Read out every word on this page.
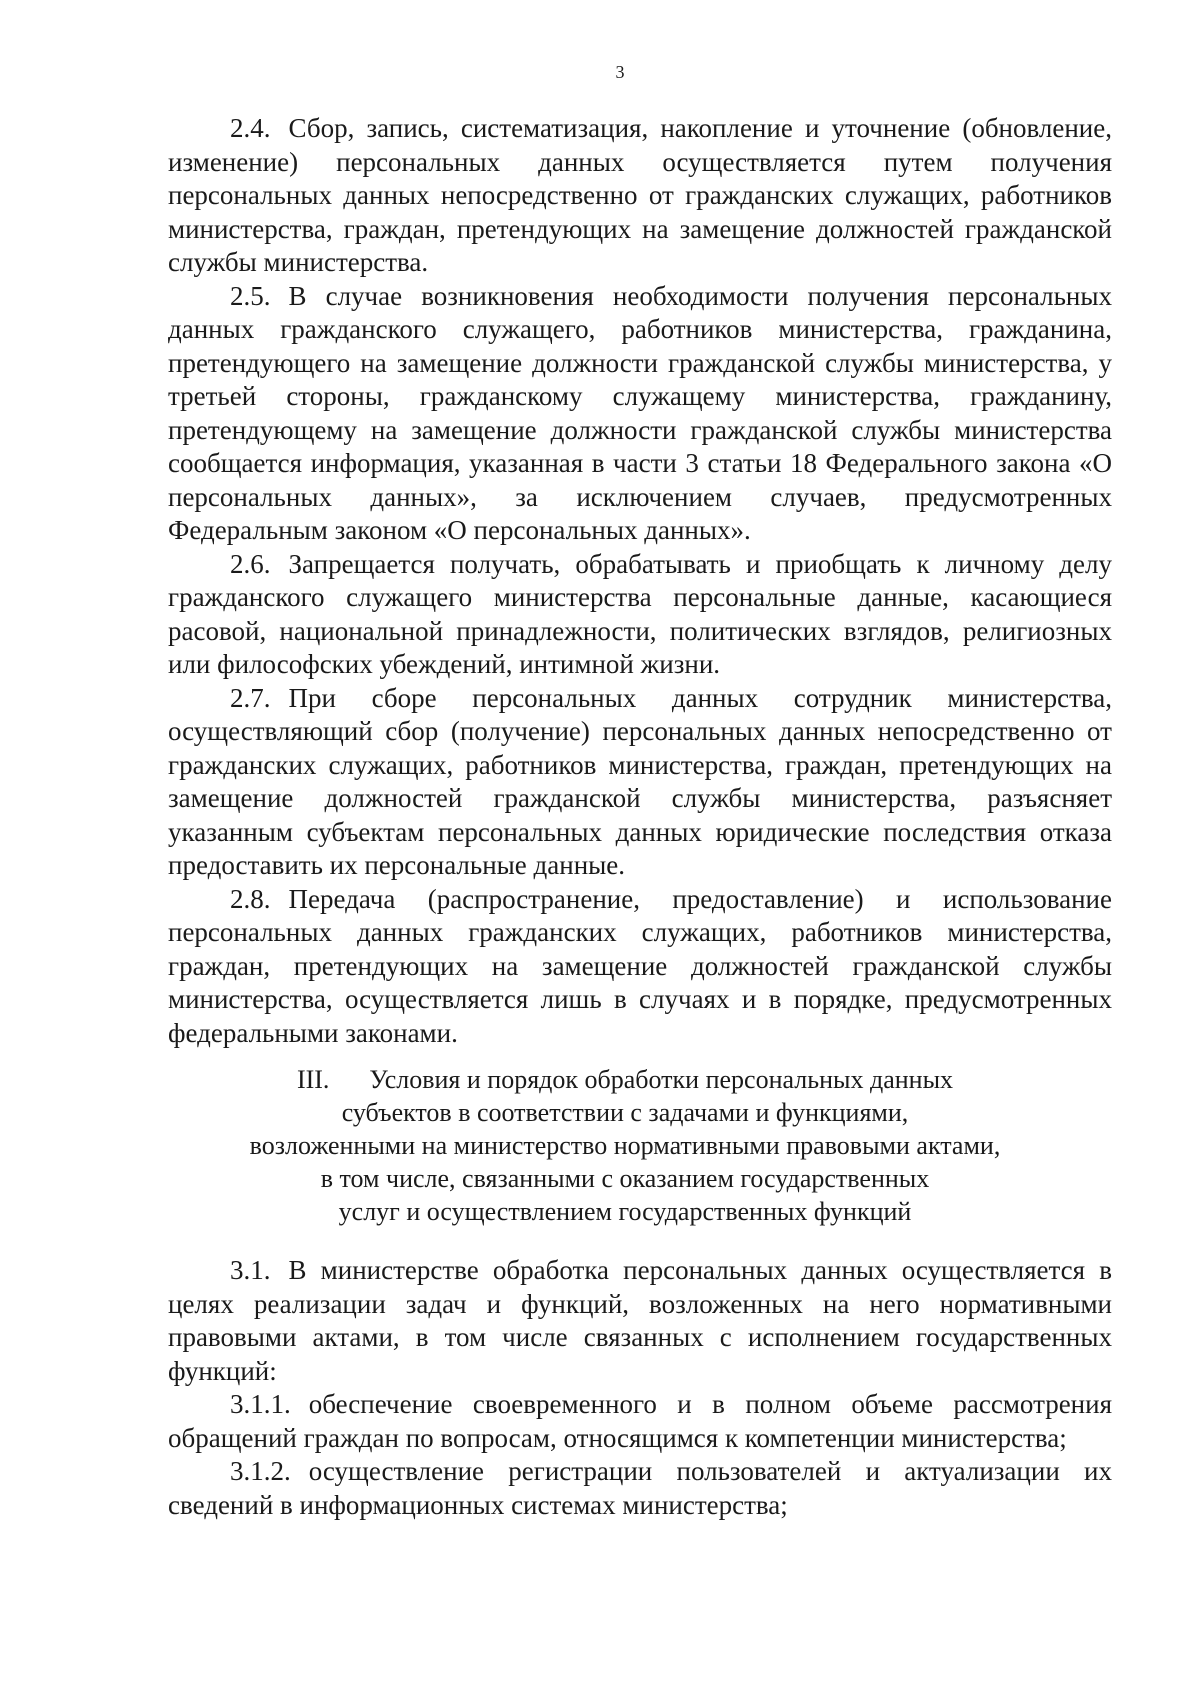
3

2.4. Сбор, запись, систематизация, накопление и уточнение (обновление, изменение) персональных данных осуществляется путем получения персональных данных непосредственно от гражданских служащих, работников министерства, граждан, претендующих на замещение должностей гражданской службы министерства.

2.5. В случае возникновения необходимости получения персональных данных гражданского служащего, работников министерства, гражданина, претендующего на замещение должности гражданской службы министерства, у третьей стороны, гражданскому служащему министерства, гражданину, претендующему на замещение должности гражданской службы министерства сообщается информация, указанная в части 3 статьи 18 Федерального закона «О персональных данных», за исключением случаев, предусмотренных Федеральным законом «О персональных данных».

2.6. Запрещается получать, обрабатывать и приобщать к личному делу гражданского служащего министерства персональные данные, касающиеся расовой, национальной принадлежности, политических взглядов, религиозных или философских убеждений, интимной жизни.

2.7. При сборе персональных данных сотрудник министерства, осуществляющий сбор (получение) персональных данных непосредственно от гражданских служащих, работников министерства, граждан, претендующих на замещение должностей гражданской службы министерства, разъясняет указанным субъектам персональных данных юридические последствия отказа предоставить их персональные данные.

2.8. Передача (распространение, предоставление) и использование персональных данных гражданских служащих, работников министерства, граждан, претендующих на замещение должностей гражданской службы министерства, осуществляется лишь в случаях и в порядке, предусмотренных федеральными законами.

III. Условия и порядок обработки персональных данных
субъектов в соответствии с задачами и функциями,
возложенными на министерство нормативными правовыми актами,
в том числе, связанными с оказанием государственных
услуг и осуществлением государственных функций

3.1. В министерстве обработка персональных данных осуществляется в целях реализации задач и функций, возложенных на него нормативными правовыми актами, в том числе связанных с исполнением государственных функций:

3.1.1. обеспечение своевременного и в полном объеме рассмотрения обращений граждан по вопросам, относящимся к компетенции министерства;

3.1.2. осуществление регистрации пользователей и актуализации их сведений в информационных системах министерства;
